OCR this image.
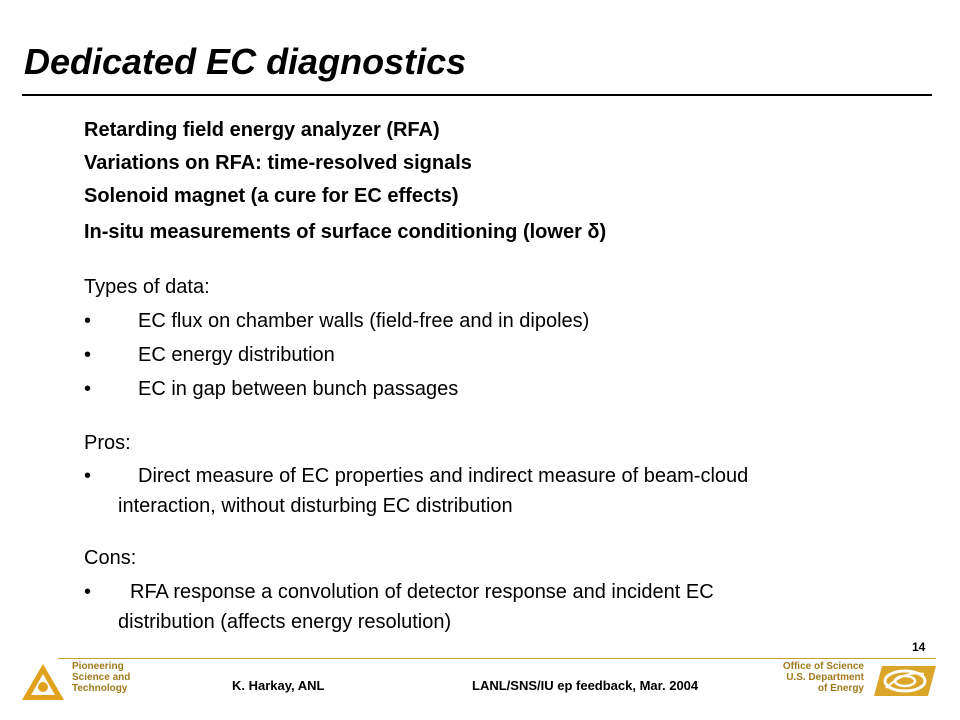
Dedicated EC diagnostics
Retarding field energy analyzer (RFA)
Variations on RFA: time-resolved signals
Solenoid magnet (a cure for EC effects)
In-situ measurements of surface conditioning (lower δ)
Types of data:
•	EC flux on chamber walls (field-free and in dipoles)
•	EC energy distribution
•	EC in gap between bunch passages
Pros:
•	Direct measure of EC properties and indirect measure of beam-cloud
interaction, without disturbing EC distribution
Cons:
•	RFA response a convolution of detector response and incident EC
distribution (affects energy resolution)
14
Pioneering
Science and
Technology	K. Harkay, ANL	LANL/SNS/IU ep feedback, Mar. 2004
Office of Science
U.S. Department
of Energy
